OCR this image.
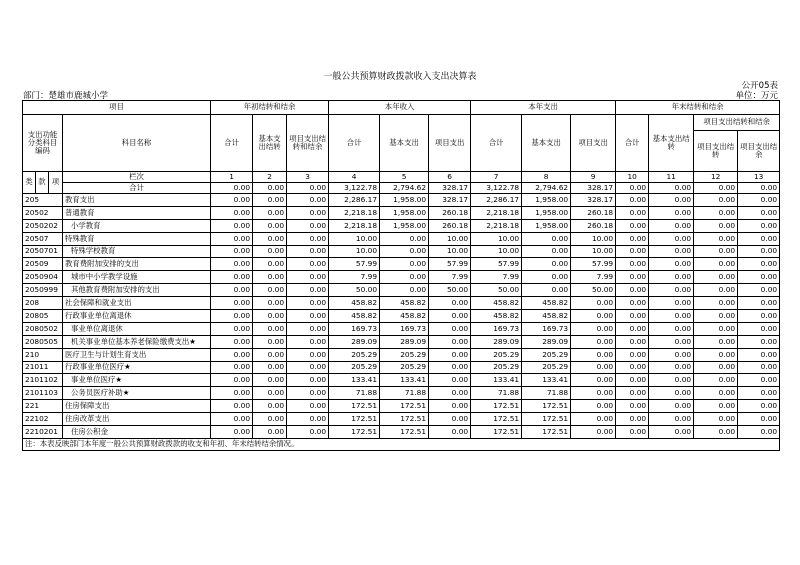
一般公共预算财政拨款收入支出决算表
公开05表
部门：楚雄市鹿城小学	单位：万元
项目				年初结转和结余			本年收入			本年支出			年末结转和结余			
支出功能分类科目编码			科目名称	合计	基本支出结转	项目支出结转和结余	合计	基本支出	项目支出	合计	基本支出	项目支出	合计	基本支出结转	项目支出结转和结余	
															项目支出结转	项目支出结余
类	款	项	栏次	1	2	3	4	5	6	7	8	9	10	11	12	13
			合计	0.00	0.00	0.00	3,122.78	2,794.62	328.17	3,122.78	2,794.62	328.17	0.00	0.00	0.00	0.00
205			教育支出	0.00	0.00	0.00	2,286.17	1,958.00	328.17	2,286.17	1,958.00	328.17	0.00	0.00	0.00	0.00
20502			普通教育	0.00	0.00	0.00	2,218.18	1,958.00	260.18	2,218.18	1,958.00	260.18	0.00	0.00	0.00	0.00
2050202			小学教育	0.00	0.00	0.00	2,218.18	1,958.00	260.18	2,218.18	1,958.00	260.18	0.00	0.00	0.00	0.00
20507			特殊教育	0.00	0.00	0.00	10.00	0.00	10.00	10.00	0.00	10.00	0.00	0.00	0.00	0.00
2050701			特殊学校教育	0.00	0.00	0.00	10.00	0.00	10.00	10.00	0.00	10.00	0.00	0.00	0.00	0.00
20509			教育费附加安排的支出	0.00	0.00	0.00	57.99	0.00	57.99	57.99	0.00	57.99	0.00	0.00	0.00	0.00
2050904			城市中小学教学设施	0.00	0.00	0.00	7.99	0.00	7.99	7.99	0.00	7.99	0.00	0.00	0.00	0.00
2050999			其他教育费附加安排的支出	0.00	0.00	0.00	50.00	0.00	50.00	50.00	0.00	50.00	0.00	0.00	0.00	0.00
208			社会保障和就业支出	0.00	0.00	0.00	458.82	458.82	0.00	458.82	458.82	0.00	0.00	0.00	0.00	0.00
20805			行政事业单位离退休	0.00	0.00	0.00	458.82	458.82	0.00	458.82	458.82	0.00	0.00	0.00	0.00	0.00
2080502			事业单位离退休	0.00	0.00	0.00	169.73	169.73	0.00	169.73	169.73	0.00	0.00	0.00	0.00	0.00
2080505			机关事业单位基本养老保险缴费支出★	0.00	0.00	0.00	289.09	289.09	0.00	289.09	289.09	0.00	0.00	0.00	0.00	0.00
210			医疗卫生与计划生育支出	0.00	0.00	0.00	205.29	205.29	0.00	205.29	205.29	0.00	0.00	0.00	0.00	0.00
21011			行政事业单位医疗★	0.00	0.00	0.00	205.29	205.29	0.00	205.29	205.29	0.00	0.00	0.00	0.00	0.00
2101102			事业单位医疗★	0.00	0.00	0.00	133.41	133.41	0.00	133.41	133.41	0.00	0.00	0.00	0.00	0.00
2101103			公务员医疗补助★	0.00	0.00	0.00	71.88	71.88	0.00	71.88	71.88	0.00	0.00	0.00	0.00	0.00
221			住房保障支出	0.00	0.00	0.00	172.51	172.51	0.00	172.51	172.51	0.00	0.00	0.00	0.00	0.00
22102			住房改革支出	0.00	0.00	0.00	172.51	172.51	0.00	172.51	172.51	0.00	0.00	0.00	0.00	0.00
2210201			住房公积金	0.00	0.00	0.00	172.51	172.51	0.00	172.51	172.51	0.00	0.00	0.00	0.00	0.00
注：本表反映部门本年度一般公共预算财政拨款的收支和年初、年末结转结余情况。																
